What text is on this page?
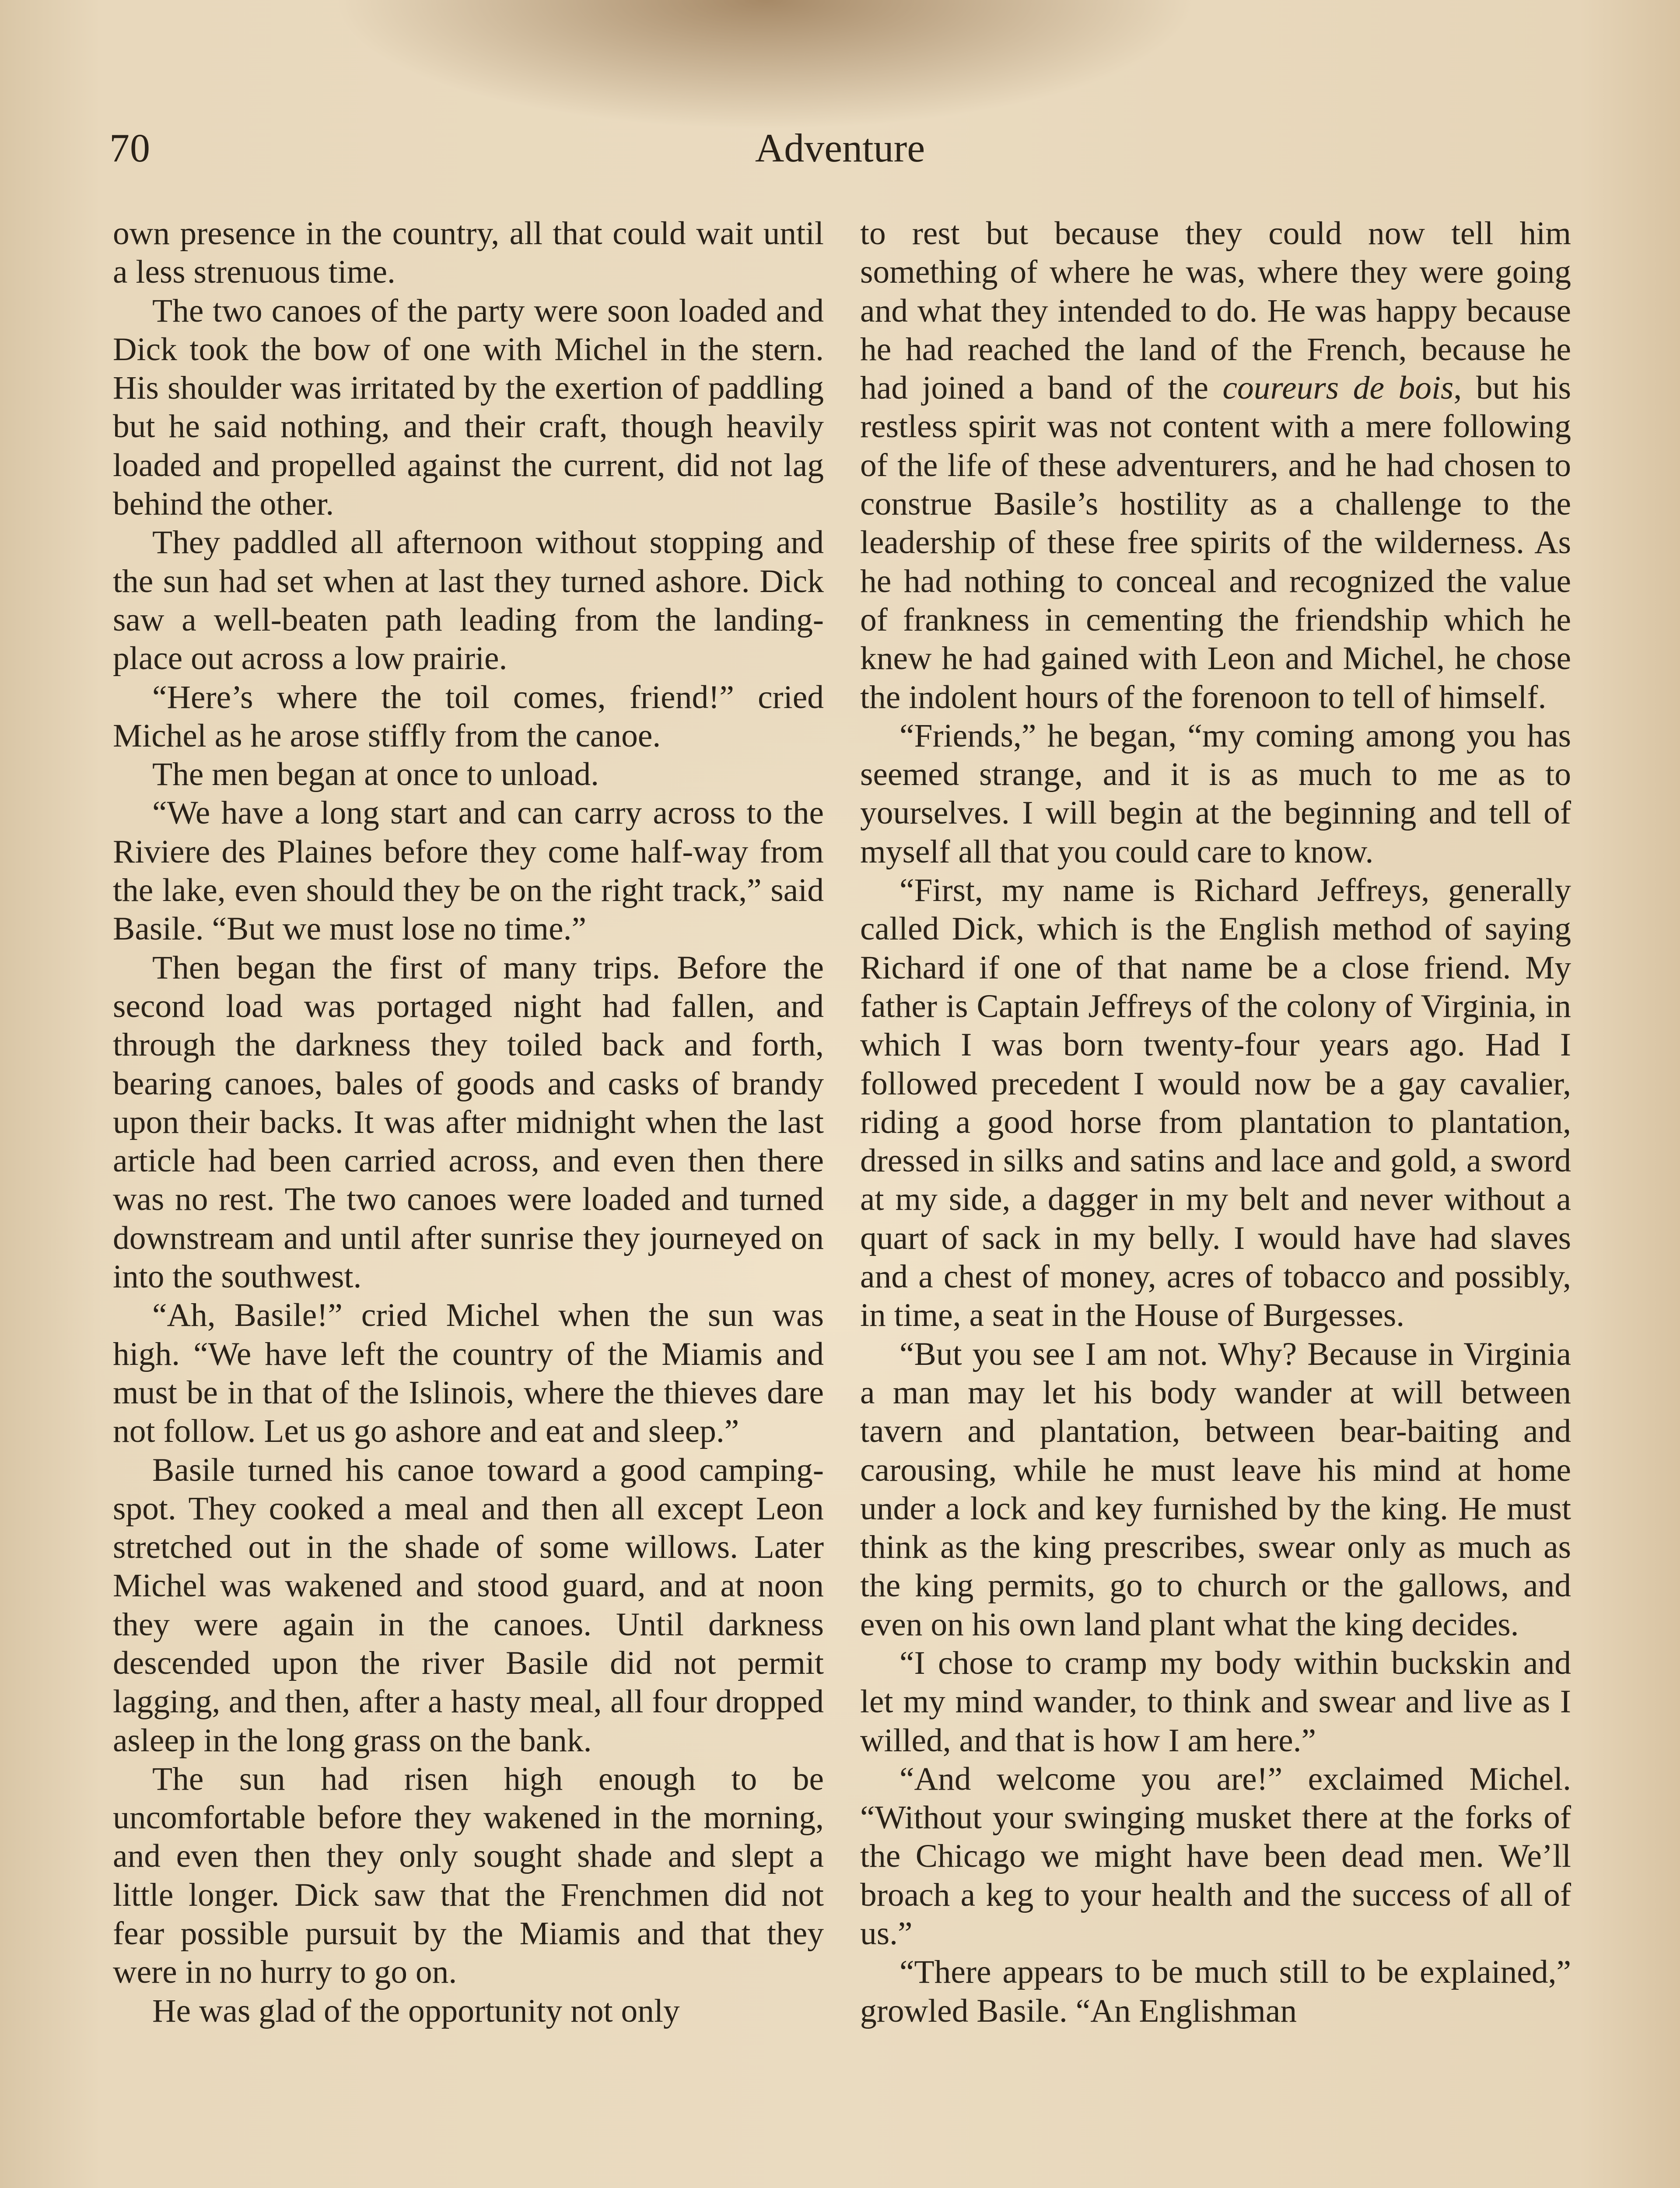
70	Adventure

own presence in the country, all that could wait until a less strenuous time.

The two canoes of the party were soon loaded and Dick took the bow of one with Michel in the stern. His shoulder was irritated by the exertion of paddling but he said nothing, and their craft, though heavily loaded and propelled against the current, did not lag behind the other.

They paddled all afternoon without stopping and the sun had set when at last they turned ashore. Dick saw a well-beaten path leading from the landing-place out across a low prairie.

“Here’s where the toil comes, friend!” cried Michel as he arose stiffly from the canoe.

The men began at once to unload.

“We have a long start and can carry across to the Riviere des Plaines before they come half-way from the lake, even should they be on the right track,” said Basile. “But we must lose no time.”

Then began the first of many trips. Before the second load was portaged night had fallen, and through the darkness they toiled back and forth, bearing canoes, bales of goods and casks of brandy upon their backs. It was after midnight when the last article had been carried across, and even then there was no rest. The two canoes were loaded and turned downstream and until after sunrise they journeyed on into the southwest.

“Ah, Basile!” cried Michel when the sun was high. “We have left the country of the Miamis and must be in that of the Islinois, where the thieves dare not follow. Let us go ashore and eat and sleep.”

Basile turned his canoe toward a good camping-spot. They cooked a meal and then all except Leon stretched out in the shade of some willows. Later Michel was wakened and stood guard, and at noon they were again in the canoes. Until darkness descended upon the river Basile did not permit lagging, and then, after a hasty meal, all four dropped asleep in the long grass on the bank.

The sun had risen high enough to be uncomfortable before they wakened in the morning, and even then they only sought shade and slept a little longer. Dick saw that the Frenchmen did not fear possible pursuit by the Miamis and that they were in no hurry to go on.

He was glad of the opportunity not only

to rest but because they could now tell him something of where he was, where they were going and what they intended to do. He was happy because he had reached the land of the French, because he had joined a band of the coureurs de bois, but his restless spirit was not content with a mere following of the life of these adventurers, and he had chosen to construe Basile’s hostility as a challenge to the leadership of these free spirits of the wilderness. As he had nothing to conceal and recognized the value of frankness in cementing the friendship which he knew he had gained with Leon and Michel, he chose the indolent hours of the forenoon to tell of himself.

“Friends,” he began, “my coming among you has seemed strange, and it is as much to me as to yourselves. I will begin at the beginning and tell of myself all that you could care to know.

“First, my name is Richard Jeffreys, generally called Dick, which is the English method of saying Richard if one of that name be a close friend. My father is Captain Jeffreys of the colony of Virginia, in which I was born twenty-four years ago. Had I followed precedent I would now be a gay cavalier, riding a good horse from plantation to plantation, dressed in silks and satins and lace and gold, a sword at my side, a dagger in my belt and never without a quart of sack in my belly. I would have had slaves and a chest of money, acres of tobacco and possibly, in time, a seat in the House of Burgesses.

“But you see I am not. Why? Because in Virginia a man may let his body wander at will between tavern and plantation, between bear-baiting and carousing, while he must leave his mind at home under a lock and key furnished by the king. He must think as the king prescribes, swear only as much as the king permits, go to church or the gallows, and even on his own land plant what the king decides.

“I chose to cramp my body within buckskin and let my mind wander, to think and swear and live as I willed, and that is how I am here.”

“And welcome you are!” exclaimed Michel. “Without your swinging musket there at the forks of the Chicago we might have been dead men. We’ll broach a keg to your health and the success of all of us.”

“There appears to be much still to be explained,” growled Basile. “An Englishman
